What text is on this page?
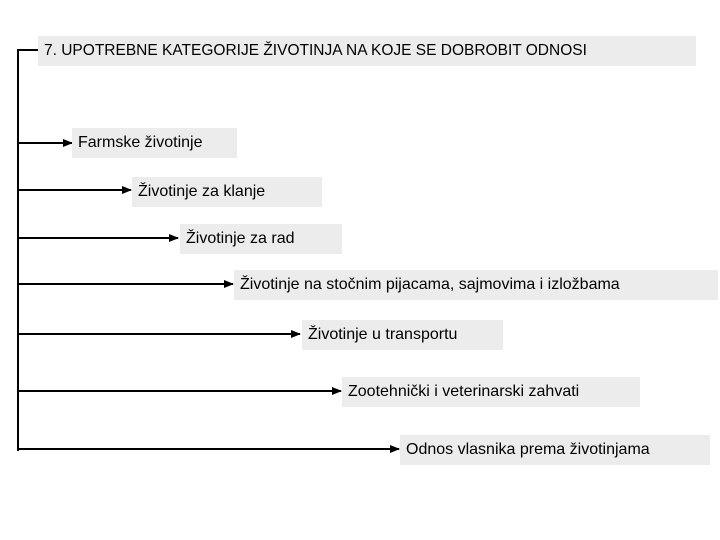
7. UPOTREBNE KATEGORIJE ŽIVOTINJA NA KOJE SE DOBROBIT ODNOSI
Farmske životinje
Životinje za klanje
Životinje za rad
Životinje na stočnim pijacama, sajmovima i izložbama
Životinje u transportu
Zootehnički i veterinarski zahvati
Odnos vlasnika prema životinjama
